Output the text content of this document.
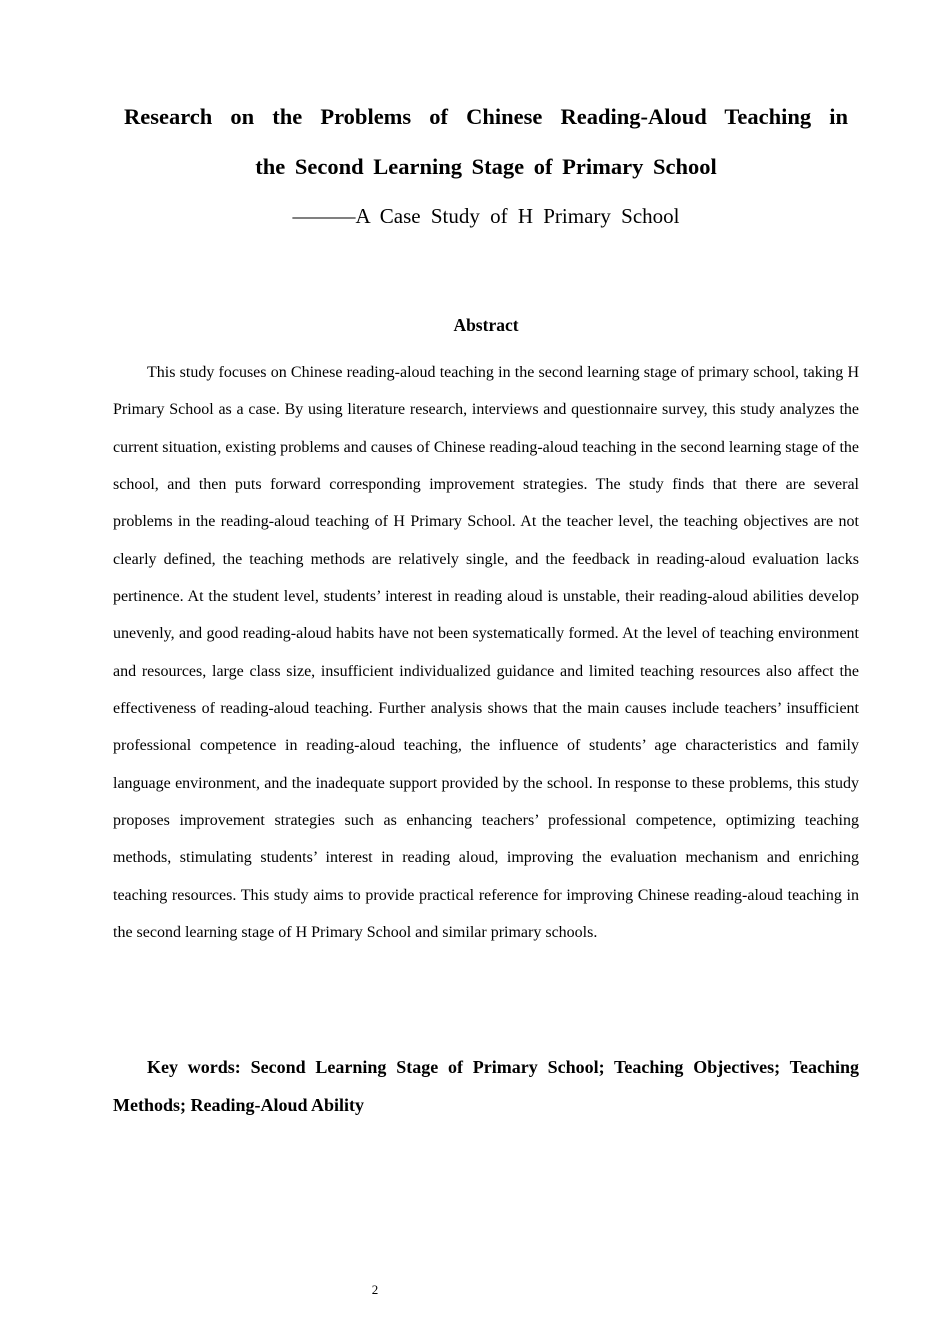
Research on the Problems of Chinese Reading-Aloud Teaching in
the Second Learning Stage of Primary School
———A Case Study of H Primary School
Abstract

This study focuses on Chinese reading-aloud teaching in the second learning stage of primary school, taking H Primary School as a case. By using literature research, interviews and questionnaire survey, this study analyzes the current situation, existing problems and causes of Chinese reading-aloud teaching in the second learning stage of the school, and then puts forward corresponding improvement strategies. The study finds that there are several problems in the reading-aloud teaching of H Primary School. At the teacher level, the teaching objectives are not clearly defined, the teaching methods are relatively single, and the feedback in reading-aloud evaluation lacks pertinence. At the student level, students’ interest in reading aloud is unstable, their reading-aloud abilities develop unevenly, and good reading-aloud habits have not been systematically formed. At the level of teaching environment and resources, large class size, insufficient individualized guidance and limited teaching resources also affect the effectiveness of reading-aloud teaching. Further analysis shows that the main causes include teachers’ insufficient professional competence in reading-aloud teaching, the influence of students’ age characteristics and family language environment, and the inadequate support provided by the school. In response to these problems, this study proposes improvement strategies such as enhancing teachers’ professional competence, optimizing teaching methods, stimulating students’ interest in reading aloud, improving the evaluation mechanism and enriching teaching resources. This study aims to provide practical reference for improving Chinese reading-aloud teaching in the second learning stage of H Primary School and similar primary schools.

Key words: Second Learning Stage of Primary School; Teaching Objectives; Teaching Methods; Reading-Aloud Ability

2
